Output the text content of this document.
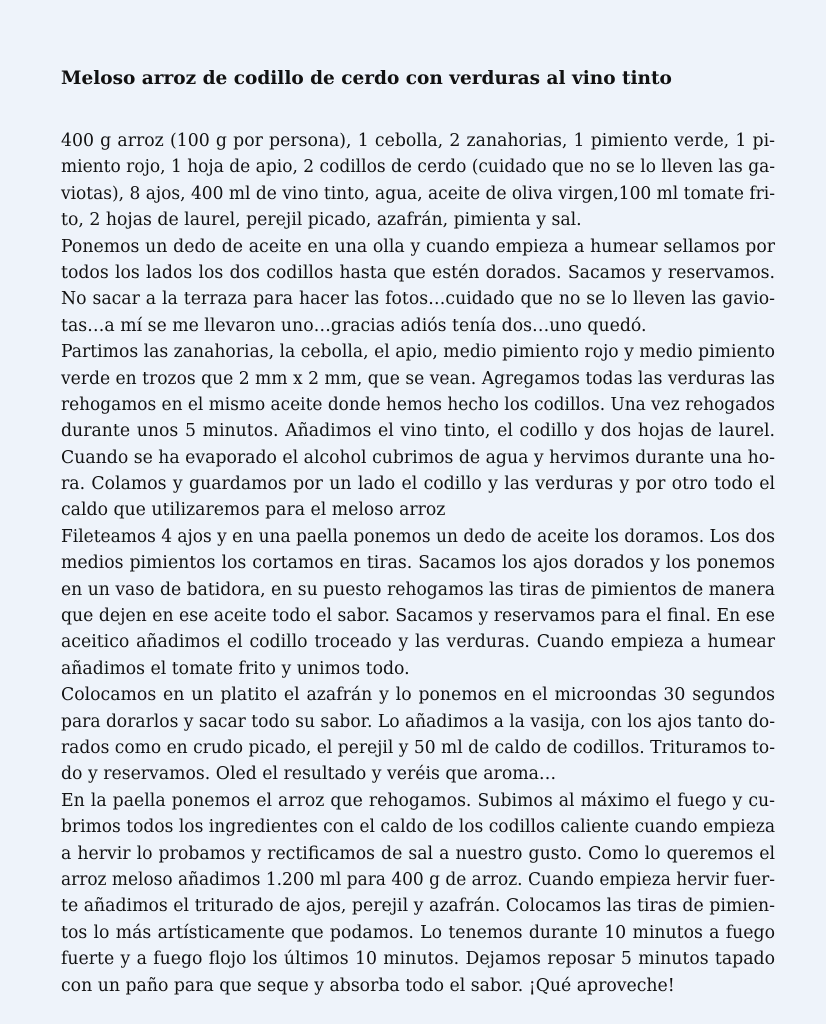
Meloso arroz de codillo de cerdo con verduras al vino tinto

400 g arroz (100 g por persona), 1 cebolla, 2 zanahorias, 1 pimiento verde, 1 pi-
miento rojo, 1 hoja de apio, 2 codillos de cerdo (cuidado que no se lo lleven las ga-
viotas), 8 ajos, 400 ml de vino tinto, agua, aceite de oliva virgen,100 ml tomate fri-
to, 2 hojas de laurel, perejil picado, azafrán, pimienta y sal.

Ponemos un dedo de aceite en una olla y cuando empieza a humear sellamos por
todos los lados los dos codillos hasta que estén dorados. Sacamos y reservamos.
No sacar a la terraza para hacer las fotos…cuidado que no se lo lleven las gavio-
tas…a mí se me llevaron uno…gracias adiós tenía dos…uno quedó.

Partimos las zanahorias, la cebolla, el apio, medio pimiento rojo y medio pimiento
verde en trozos que 2 mm x 2 mm, que se vean. Agregamos todas las verduras las
rehogamos en el mismo aceite donde hemos hecho los codillos. Una vez rehogados
durante unos 5 minutos. Añadimos el vino tinto, el codillo y dos hojas de laurel.
Cuando se ha evaporado el alcohol cubrimos de agua y hervimos durante una ho-
ra. Colamos y guardamos por un lado el codillo y las verduras y por otro todo el
caldo que utilizaremos para el meloso arroz

Fileteamos 4 ajos y en una paella ponemos un dedo de aceite los doramos. Los dos
medios pimientos los cortamos en tiras. Sacamos los ajos dorados y los ponemos
en un vaso de batidora, en su puesto rehogamos las tiras de pimientos de manera
que dejen en ese aceite todo el sabor. Sacamos y reservamos para el final. En ese
aceitico añadimos el codillo troceado y las verduras. Cuando empieza a humear
añadimos el tomate frito y unimos todo.

Colocamos en un platito el azafrán y lo ponemos en el microondas 30 segundos
para dorarlos y sacar todo su sabor. Lo añadimos a la vasija, con los ajos tanto do-
rados como en crudo picado, el perejil y 50 ml de caldo de codillos. Trituramos to-
do y reservamos. Oled el resultado y veréis que aroma…

En la paella ponemos el arroz que rehogamos. Subimos al máximo el fuego y cu-
brimos todos los ingredientes con el caldo de los codillos caliente cuando empieza
a hervir lo probamos y rectificamos de sal a nuestro gusto. Como lo queremos el
arroz meloso añadimos 1.200 ml para 400 g de arroz. Cuando empieza hervir fuer-
te añadimos el triturado de ajos, perejil y azafrán. Colocamos las tiras de pimien-
tos lo más artísticamente que podamos. Lo tenemos durante 10 minutos a fuego
fuerte y a fuego flojo los últimos 10 minutos. Dejamos reposar 5 minutos tapado
con un paño para que seque y absorba todo el sabor. ¡Qué aproveche!
